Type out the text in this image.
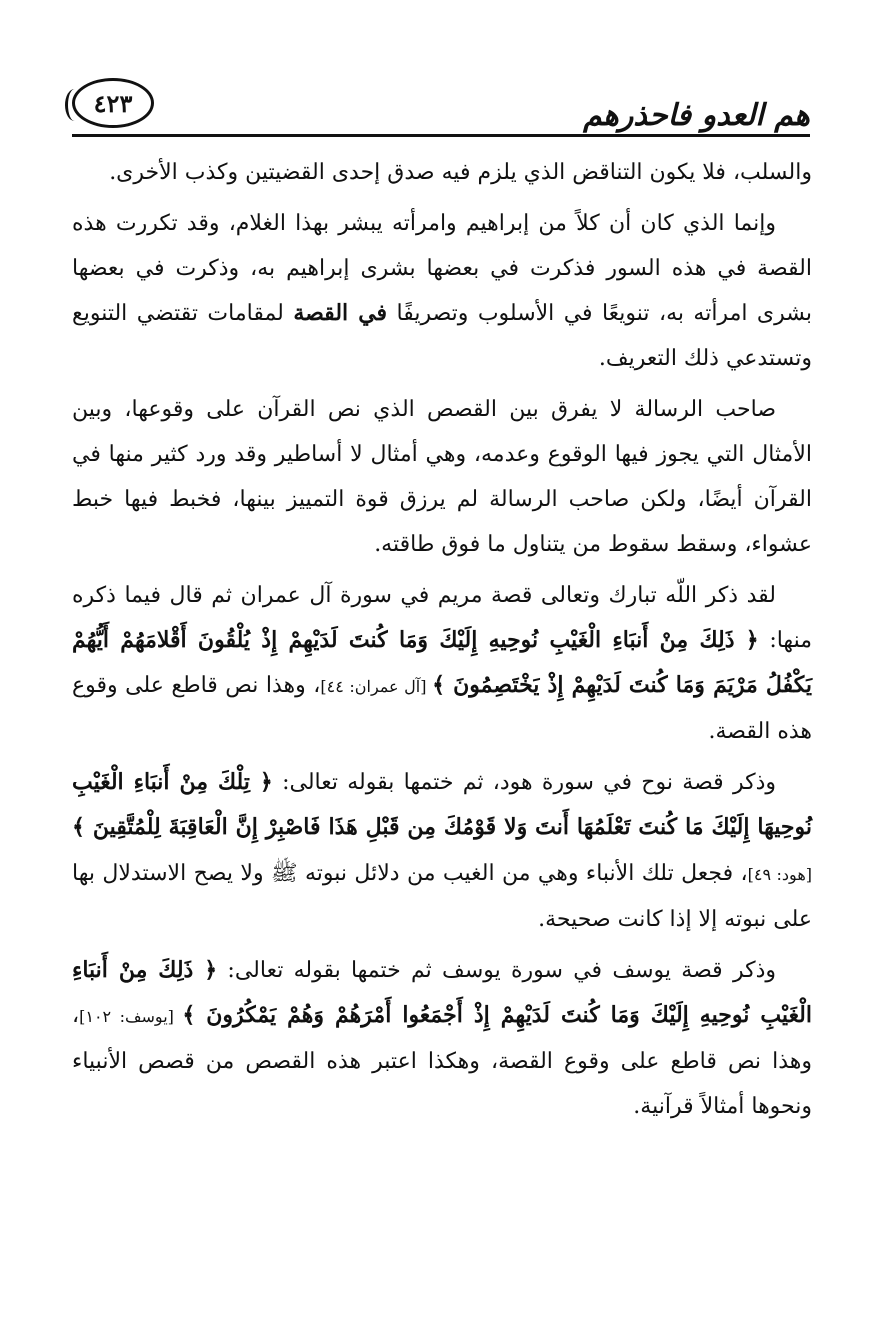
هم العدو فاحذرهم
٤٢٣

والسلب، فلا يكون التناقض الذي يلزم فيه صدق إحدى القضيتين وكذب الأخرى.

وإنما الذي كان أن كلاً من إبراهيم وامرأته يبشر بهذا الغلام، وقد تكررت هذه القصة في هذه السور فذكرت في بعضها بشرى إبراهيم به، وذكرت في بعضها بشرى امرأته به، تنويعًا في الأسلوب وتصريفًا في القصة لمقامات تقتضي التنويع وتستدعي ذلك التعريف.

صاحب الرسالة لا يفرق بين القصص الذي نص القرآن على وقوعها، وبين الأمثال التي يجوز فيها الوقوع وعدمه، وهي أمثال لا أساطير وقد ورد كثير منها في القرآن أيضًا، ولكن صاحب الرسالة لم يرزق قوة التمييز بينها، فخبط فيها خبط عشواء، وسقط سقوط من يتناول ما فوق طاقته.

لقد ذكر اللّه تبارك وتعالى قصة مريم في سورة آل عمران ثم قال فيما ذكره منها: ﴿ ذَلِكَ مِنْ أَنبَاءِ الْغَيْبِ نُوحِيهِ إِلَيْكَ وَمَا كُنتَ لَدَيْهِمْ إِذْ يُلْقُونَ أَقْلامَهُمْ أَيُّهُمْ يَكْفُلُ مَرْيَمَ وَمَا كُنتَ لَدَيْهِمْ إِذْ يَخْتَصِمُونَ ﴾ [آل عمران: ٤٤]، وهذا نص قاطع على وقوع هذه القصة.

وذكر قصة نوح في سورة هود، ثم ختمها بقوله تعالى: ﴿ تِلْكَ مِنْ أَنبَاءِ الْغَيْبِ نُوحِيهَا إِلَيْكَ مَا كُنتَ تَعْلَمُهَا أَنتَ وَلا قَوْمُكَ مِن قَبْلِ هَذَا فَاصْبِرْ إِنَّ الْعَاقِبَةَ لِلْمُتَّقِينَ ﴾ [هود: ٤٩]، فجعل تلك الأنباء وهي من الغيب من دلائل نبوته ﷺ ولا يصح الاستدلال بها على نبوته إلا إذا كانت صحيحة.

وذكر قصة يوسف في سورة يوسف ثم ختمها بقوله تعالى: ﴿ ذَلِكَ مِنْ أَنبَاءِ الْغَيْبِ نُوحِيهِ إِلَيْكَ وَمَا كُنتَ لَدَيْهِمْ إِذْ أَجْمَعُوا أَمْرَهُمْ وَهُمْ يَمْكُرُونَ ﴾ [يوسف: ١٠٢]، وهذا نص قاطع على وقوع القصة، وهكذا اعتبر هذه القصص من قصص الأنبياء ونحوها أمثالاً قرآنية.
